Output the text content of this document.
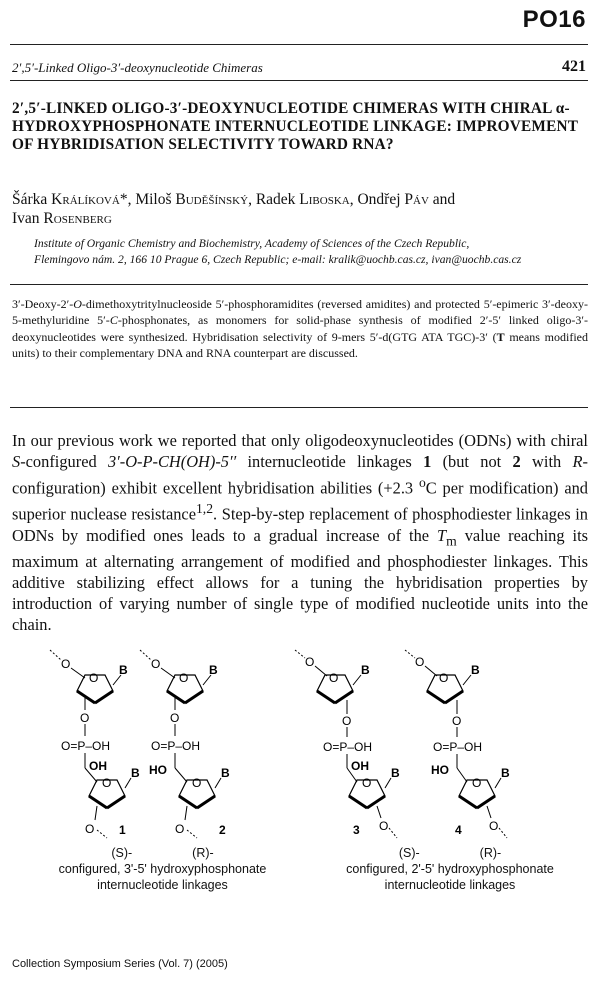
PO16
2′,5′-Linked Oligo-3′-deoxynucleotide Chimeras	421
2′,5′-LINKED OLIGO-3′-DEOXYNUCLEOTIDE CHIMERAS WITH CHIRAL α-HYDROXYPHOSPHONATE INTERNUCLEOTIDE LINKAGE: IMPROVEMENT OF HYBRIDISATION SELECTIVITY TOWARD RNA?
Šárka Králíková*, Miloš Buděšínský, Radek Liboska, Ondřej Páv and
Ivan Rosenberg
Institute of Organic Chemistry and Biochemistry, Academy of Sciences of the Czech Republic,
Flemingovo nám. 2, 166 10 Prague 6, Czech Republic; e-mail: kralik@uochb.cas.cz, ivan@uochb.cas.cz
3′-Deoxy-2′-O-dimethoxytritylnucleoside 5′-phosphoramidites (reversed amidites) and protected 5′-epimeric 3′-deoxy-5-methyluridine 5′-C-phosphonates, as monomers for solid-phase synthesis of modified 2′-5′ linked oligo-3′-deoxynucleotides were synthesized. Hybridisation selectivity of 9-mers 5′-d(GTG ATA TGC)-3′ (T means modified units) to their complementary DNA and RNA counterpart are discussed.
In our previous work we reported that only oligodeoxynucleotides (ODNs) with chiral S-configured 3′-O-P-CH(OH)-5′′ internucleotide linkages 1 (but not 2 with R-configuration) exhibit excellent hybridisation abilities (+2.3 $^o$C per modification) and superior nuclease resistance$^{1,2}$. Step-by-step replacement of phosphodiester linkages in ODNs by modified ones leads to a gradual increase of the $T_m$ value reaching its maximum at alternating arrangement of modified and phosphodiester linkages. This additive stabilizing effect allows for a tuning the hybridisation properties by introduction of varying number of single type of modified nucleotide units into the chain.
O
O
B
O
O=P–OH
OH
O
B
O 1
O
O
B
O
O=P–OH
HO
O
B
O	2
O
O
B
O
O=P–OH
OH
O
B
O
3
O
O
B
O
O=P–OH
HO
O
B
O
4
(S)-	(R)-
configured, 3'-5' hydroxyphosphonate
internucleotide linkages
(S)-	(R)-
configured, 2'-5' hydroxyphosphonate
internucleotide linkages
Collection Symposium Series (Vol. 7) (2005)
